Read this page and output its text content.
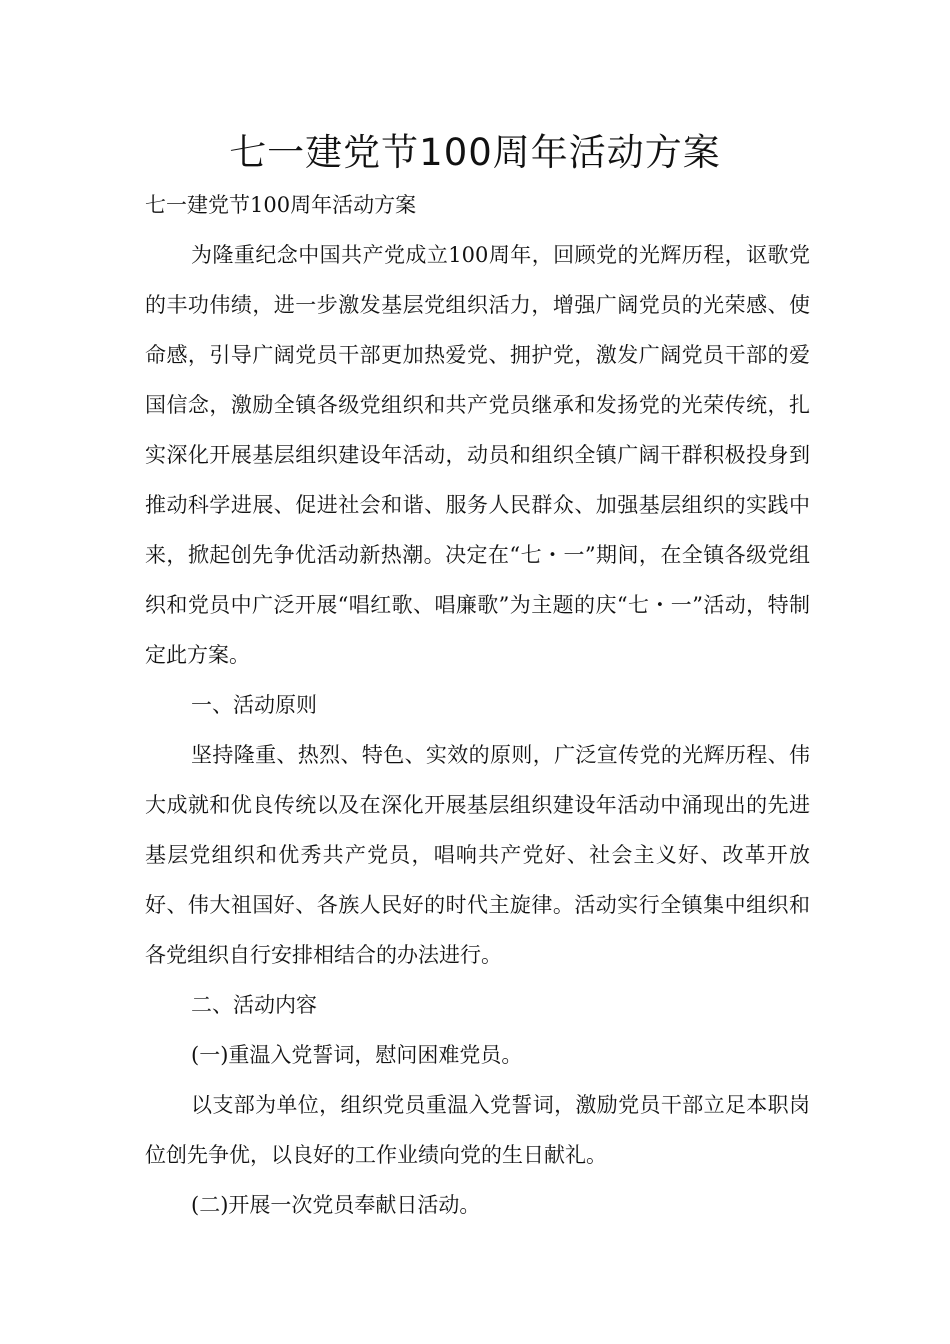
七一建党节100周年活动方案

七一建党节100周年活动方案

为隆重纪念中国共产党成立100周年，回顾党的光辉历程，讴歌党的丰功伟绩，进一步激发基层党组织活力，增强广阔党员的光荣感、使命感，引导广阔党员干部更加热爱党、拥护党，激发广阔党员干部的爱国信念，激励全镇各级党组织和共产党员继承和发扬党的光荣传统，扎实深化开展基层组织建设年活动，动员和组织全镇广阔干群积极投身到推动科学进展、促进社会和谐、服务人民群众、加强基层组织的实践中来，掀起创先争优活动新热潮。决定在“七・一”期间，在全镇各级党组织和党员中广泛开展“唱红歌、唱廉歌”为主题的庆“七・一”活动，特制定此方案。

一、活动原则

坚持隆重、热烈、特色、实效的原则，广泛宣传党的光辉历程、伟大成就和优良传统以及在深化开展基层组织建设年活动中涌现出的先进基层党组织和优秀共产党员，唱响共产党好、社会主义好、改革开放好、伟大祖国好、各族人民好的时代主旋律。活动实行全镇集中组织和各党组织自行安排相结合的办法进行。

二、活动内容

(一)重温入党誓词，慰问困难党员。

以支部为单位，组织党员重温入党誓词，激励党员干部立足本职岗位创先争优，以良好的工作业绩向党的生日献礼。

(二)开展一次党员奉献日活动。
